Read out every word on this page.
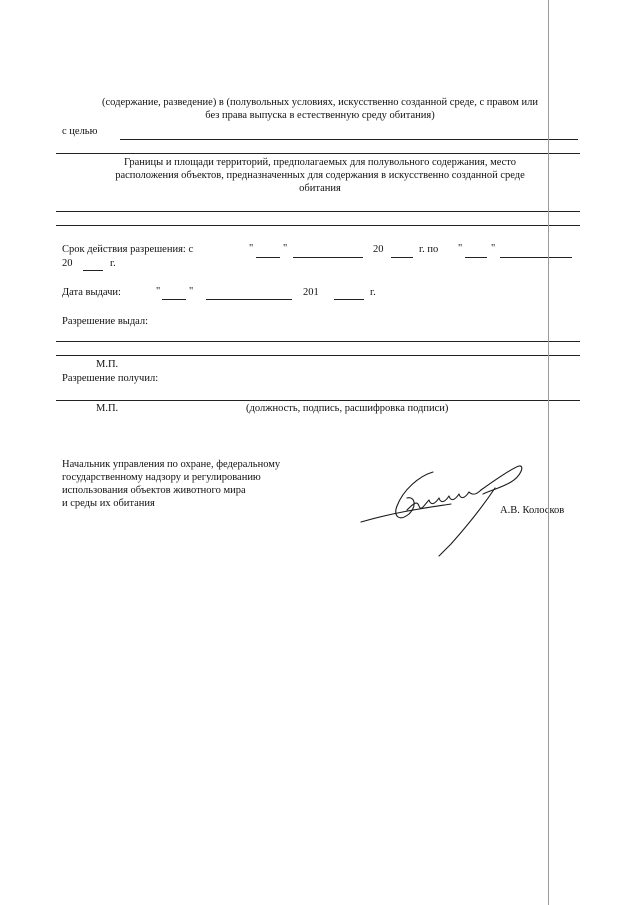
(содержание, разведение) в (полувольных условиях, искусственно созданной среде, с правом или
без права выпуска в естественную среду обитания)
с целью
Границы и площади территорий, предполагаемых для полувольного содержания, место
расположения объектов, предназначенных для содержания в искусственно созданной среде
обитания
Срок действия разрешения: с	"	"	20	г. по "	"
20	г.
Дата выдачи:	"	"	201	г.
Разрешение выдал:
М.П.
Разрешение получил:
М.П.	(должность, подпись, расшифровка подписи)
Начальник управления по охране, федеральному
государственному надзору и регулированию
использования объектов животного мира
и среды их обитания
А.В. Колосков
